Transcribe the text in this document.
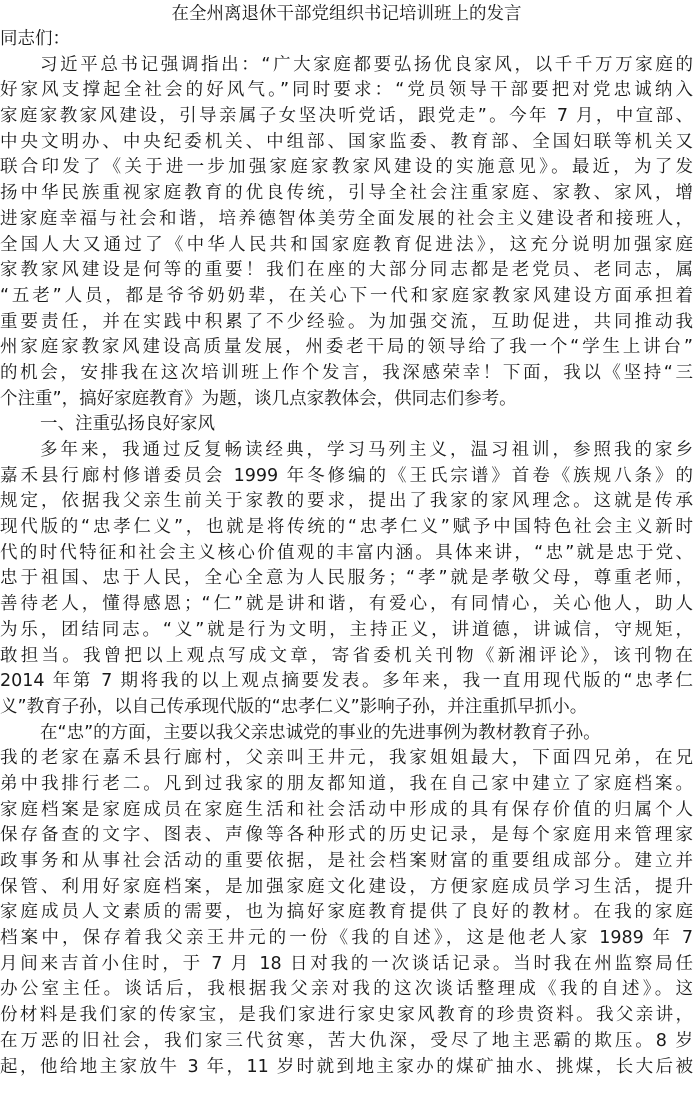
在全州离退休干部党组织书记培训班上的发言
同志们：
习近平总书记强调指出：“广大家庭都要弘扬优良家风，以千千万万家庭的
好家风支撑起全社会的好风气。”同时要求：“党员领导干部要把对党忠诚纳入
家庭家教家风建设，引导亲属子女坚决听党话，跟党走”。今年 7 月，中宣部、
中央文明办、中央纪委机关、中组部、国家监委、教育部、全国妇联等机关又
联合印发了《关于进一步加强家庭家教家风建设的实施意见》。最近，为了发
扬中华民族重视家庭教育的优良传统，引导全社会注重家庭、家教、家风，增
进家庭幸福与社会和谐，培养德智体美劳全面发展的社会主义建设者和接班人，
全国人大又通过了《中华人民共和国家庭教育促进法》，这充分说明加强家庭
家教家风建设是何等的重要！我们在座的大部分同志都是老党员、老同志，属
“五老”人员，都是爷爷奶奶辈，在关心下一代和家庭家教家风建设方面承担着
重要责任，并在实践中积累了不少经验。为加强交流，互助促进，共同推动我
州家庭家教家风建设高质量发展，州委老干局的领导给了我一个“学生上讲台”
的机会，安排我在这次培训班上作个发言，我深感荣幸！下面，我以《坚持“三
个注重”，搞好家庭教育》为题，谈几点家教体会，供同志们参考。
一、注重弘扬良好家风
多年来，我通过反复畅读经典，学习马列主义，温习祖训，参照我的家乡
嘉禾县行廊村修谱委员会 1999 年冬修编的《王氏宗谱》首卷《族规八条》的
规定，依据我父亲生前关于家教的要求，提出了我家的家风理念。这就是传承
现代版的“忠孝仁义”，也就是将传统的“忠孝仁义”赋予中国特色社会主义新时
代的时代特征和社会主义核心价值观的丰富内涵。具体来讲，“忠”就是忠于党、
忠于祖国、忠于人民，全心全意为人民服务；“孝”就是孝敬父母，尊重老师，
善待老人，懂得感恩；“仁”就是讲和谐，有爱心，有同情心，关心他人，助人
为乐，团结同志。“义”就是行为文明，主持正义，讲道德，讲诚信，守规矩，
敢担当。我曾把以上观点写成文章，寄省委机关刊物《新湘评论》，该刊物在
2014 年第 7 期将我的以上观点摘要发表。多年来，我一直用现代版的“忠孝仁
义”教育子孙，以自己传承现代版的“忠孝仁义”影响子孙，并注重抓早抓小。
在“忠”的方面，主要以我父亲忠诚党的事业的先进事例为教材教育子孙。
我的老家在嘉禾县行廊村，父亲叫王井元，我家姐姐最大，下面四兄弟，在兄
弟中我排行老二。凡到过我家的朋友都知道，我在自己家中建立了家庭档案。
家庭档案是家庭成员在家庭生活和社会活动中形成的具有保存价值的归属个人
保存备查的文字、图表、声像等各种形式的历史记录，是每个家庭用来管理家
政事务和从事社会活动的重要依据，是社会档案财富的重要组成部分。建立并
保管、利用好家庭档案，是加强家庭文化建设，方便家庭成员学习生活，提升
家庭成员人文素质的需要，也为搞好家庭教育提供了良好的教材。在我的家庭
档案中，保存着我父亲王井元的一份《我的自述》，这是他老人家 1989 年 7
月间来吉首小住时，于 7 月 18 日对我的一次谈话记录。当时我在州监察局任
办公室主任。谈话后，我根据我父亲对我的这次谈话整理成《我的自述》。这
份材料是我们家的传家宝，是我们家进行家史家风教育的珍贵资料。我父亲讲，
在万恶的旧社会，我们家三代贫寒，苦大仇深，受尽了地主恶霸的欺压。8 岁
起，他给地主家放牛 3 年，11 岁时就到地主家办的煤矿抽水、挑煤，长大后被
